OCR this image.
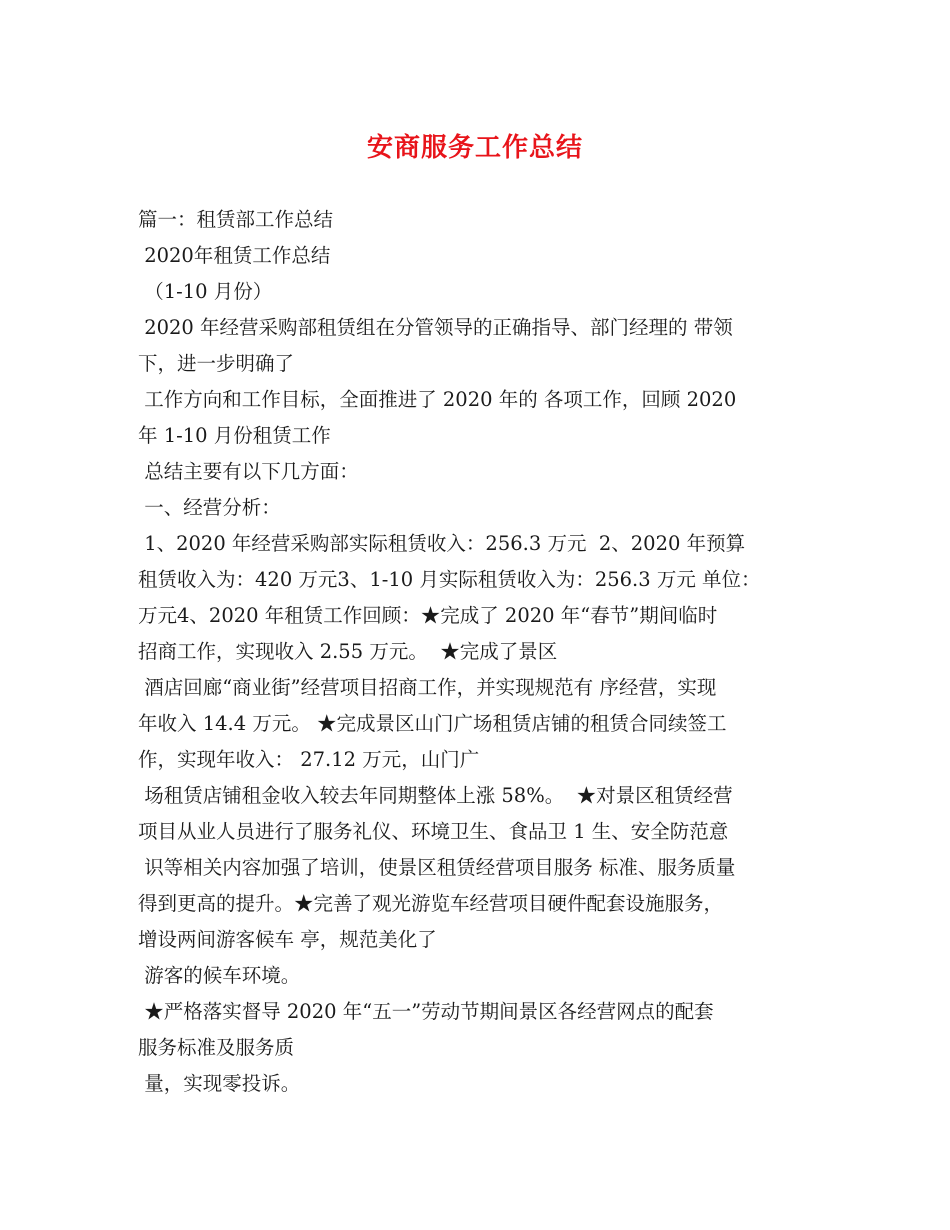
安商服务工作总结
篇一：租赁部工作总结
2020年租赁工作总结
（1-10 月份）
2020 年经营采购部租赁组在分管领导的正确指导、部门经理的 带领
下，进一步明确了
工作方向和工作目标，全面推进了 2020 年的 各项工作，回顾 2020
年 1-10 月份租赁工作
总结主要有以下几方面：
一、经营分析：
1、2020 年经营采购部实际租赁收入：256.3 万元  2、2020 年预算
租赁收入为：420 万元3、1-10 月实际租赁收入为：256.3 万元 单位：
万元4、2020 年租赁工作回顾：★完成了 2020 年“春节”期间临时
招商工作，实现收入 2.55 万元。  ★完成了景区
酒店回廊“商业街”经营项目招商工作，并实现规范有 序经营，实现
年收入 14.4 万元。 ★完成景区山门广场租赁店铺的租赁合同续签工
作，实现年收入： 27.12 万元，山门广
场租赁店铺租金收入较去年同期整体上涨 58%。  ★对景区租赁经营
项目从业人员进行了服务礼仪、环境卫生、食品卫 1 生、安全防范意
识等相关内容加强了培训，使景区租赁经营项目服务 标准、服务质量
得到更高的提升。★完善了观光游览车经营项目硬件配套设施服务，
增设两间游客候车 亭，规范美化了
游客的候车环境。
★严格落实督导 2020 年“五一”劳动节期间景区各经营网点的配套
服务标准及服务质
量，实现零投诉。
